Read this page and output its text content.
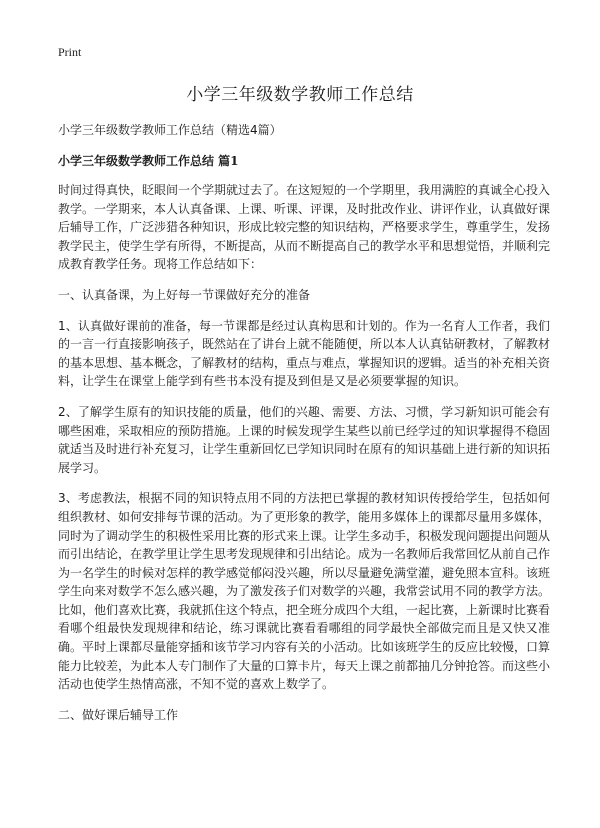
Print
小学三年级数学教师工作总结

小学三年级数学教师工作总结（精选4篇）

小学三年级数学教师工作总结 篇1

时间过得真快，眨眼间一个学期就过去了。在这短短的一个学期里，我用满腔的真诚全心投入教学。一学期来，本人认真备课、上课、听课、评课，及时批改作业、讲评作业，认真做好课后辅导工作，广泛涉猎各种知识，形成比较完整的知识结构，严格要求学生，尊重学生，发扬教学民主，使学生学有所得，不断提高，从而不断提高自己的教学水平和思想觉悟，并顺利完成教育教学任务。现将工作总结如下：

一、认真备课，为上好每一节课做好充分的准备

1、认真做好课前的准备，每一节课都是经过认真构思和计划的。作为一名育人工作者，我们的一言一行直接影响孩子，既然站在了讲台上就不能随便，所以本人认真钻研教材，了解教材的基本思想、基本概念，了解教材的结构，重点与难点，掌握知识的逻辑。适当的补充相关资料，让学生在课堂上能学到有些书本没有提及到但是又是必须要掌握的知识。

2、了解学生原有的知识技能的质量，他们的兴趣、需要、方法、习惯，学习新知识可能会有哪些困难，采取相应的预防措施。上课的时候发现学生某些以前已经学过的知识掌握得不稳固就适当及时进行补充复习，让学生重新回忆已学知识同时在原有的知识基础上进行新的知识拓展学习。

3、考虑教法，根据不同的知识特点用不同的方法把已掌握的教材知识传授给学生，包括如何组织教材、如何安排每节课的活动。为了更形象的教学，能用多媒体上的课都尽量用多媒体，同时为了调动学生的积极性采用比赛的形式来上课。让学生多动手，积极发现问题提出问题从而引出结论，在教学里让学生思考发现规律和引出结论。成为一名教师后我常回忆从前自己作为一名学生的时候对怎样的教学感觉郁闷没兴趣，所以尽量避免满堂灌，避免照本宣科。该班学生向来对数学不怎么感兴趣，为了激发孩子们对数学的兴趣，我常尝试用不同的教学方法。比如，他们喜欢比赛，我就抓住这个特点，把全班分成四个大组，一起比赛，上新课时比赛看看哪个组最快发现规律和结论，练习课就比赛看看哪组的同学最快全部做完而且是又快又准确。平时上课都尽量能穿插和该节学习内容有关的小活动。比如该班学生的反应比较慢，口算能力比较差，为此本人专门制作了大量的口算卡片，每天上课之前都抽几分钟抢答。而这些小活动也使学生热情高涨，不知不觉的喜欢上数学了。

二、做好课后辅导工作
